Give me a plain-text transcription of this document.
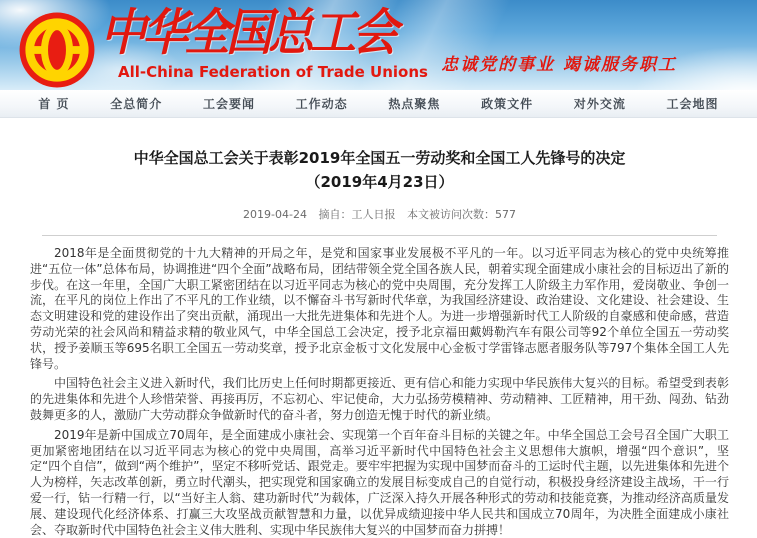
中华全国总工会
All-China Federation of Trade Unions 忠诚党的事业 竭诚服务职工
首 页	全总简介	工会要闻	工作动态	热点聚焦	政策文件	对外交流	工会地图
中华全国总工会关于表彰2019年全国五一劳动奖和全国工人先锋号的决定
（2019年4月23日）
2019-04-24 摘自：工人日报 本文被访问次数：577

2018年是全面贯彻党的十九大精神的开局之年，是党和国家事业发展极不平凡的一年。以习近平同志为核心的党中央统筹推进“五位一体”总体布局，协调推进“四个全面”战略布局，团结带领全党全国各族人民，朝着实现全面建成小康社会的目标迈出了新的步伐。在这一年里，全国广大职工紧密团结在以习近平同志为核心的党中央周围，充分发挥工人阶级主力军作用，爱岗敬业、争创一流，在平凡的岗位上作出了不平凡的工作业绩，以不懈奋斗书写新时代华章，为我国经济建设、政治建设、文化建设、社会建设、生态文明建设和党的建设作出了突出贡献，涌现出一大批先进集体和先进个人。为进一步增强新时代工人阶级的自豪感和使命感，营造劳动光荣的社会风尚和精益求精的敬业风气，中华全国总工会决定，授予北京福田戴姆勒汽车有限公司等92个单位全国五一劳动奖状，授予姜顺玉等695名职工全国五一劳动奖章，授予北京金板寸文化发展中心金板寸学雷锋志愿者服务队等797个集体全国工人先锋号。

中国特色社会主义进入新时代，我们比历史上任何时期都更接近、更有信心和能力实现中华民族伟大复兴的目标。希望受到表彰的先进集体和先进个人珍惜荣誉、再接再厉，不忘初心、牢记使命，大力弘扬劳模精神、劳动精神、工匠精神，用干劲、闯劲、钻劲鼓舞更多的人，激励广大劳动群众争做新时代的奋斗者，努力创造无愧于时代的新业绩。

2019年是新中国成立70周年，是全面建成小康社会、实现第一个百年奋斗目标的关键之年。中华全国总工会号召全国广大职工更加紧密地团结在以习近平同志为核心的党中央周围，高举习近平新时代中国特色社会主义思想伟大旗帜，增强“四个意识”，坚定“四个自信”，做到“两个维护”，坚定不移听党话、跟党走。要牢牢把握为实现中国梦而奋斗的工运时代主题，以先进集体和先进个人为榜样，矢志改革创新，勇立时代潮头，把实现党和国家确立的发展目标变成自己的自觉行动，积极投身经济建设主战场，干一行爱一行，钻一行精一行，以“当好主人翁、建功新时代”为载体，广泛深入持久开展各种形式的劳动和技能竞赛，为推动经济高质量发展、建设现代化经济体系、打赢三大攻坚战贡献智慧和力量，以优异成绩迎接中华人民共和国成立70周年，为决胜全面建成小康社会、夺取新时代中国特色社会主义伟大胜利、实现中华民族伟大复兴的中国梦而奋力拼搏！
